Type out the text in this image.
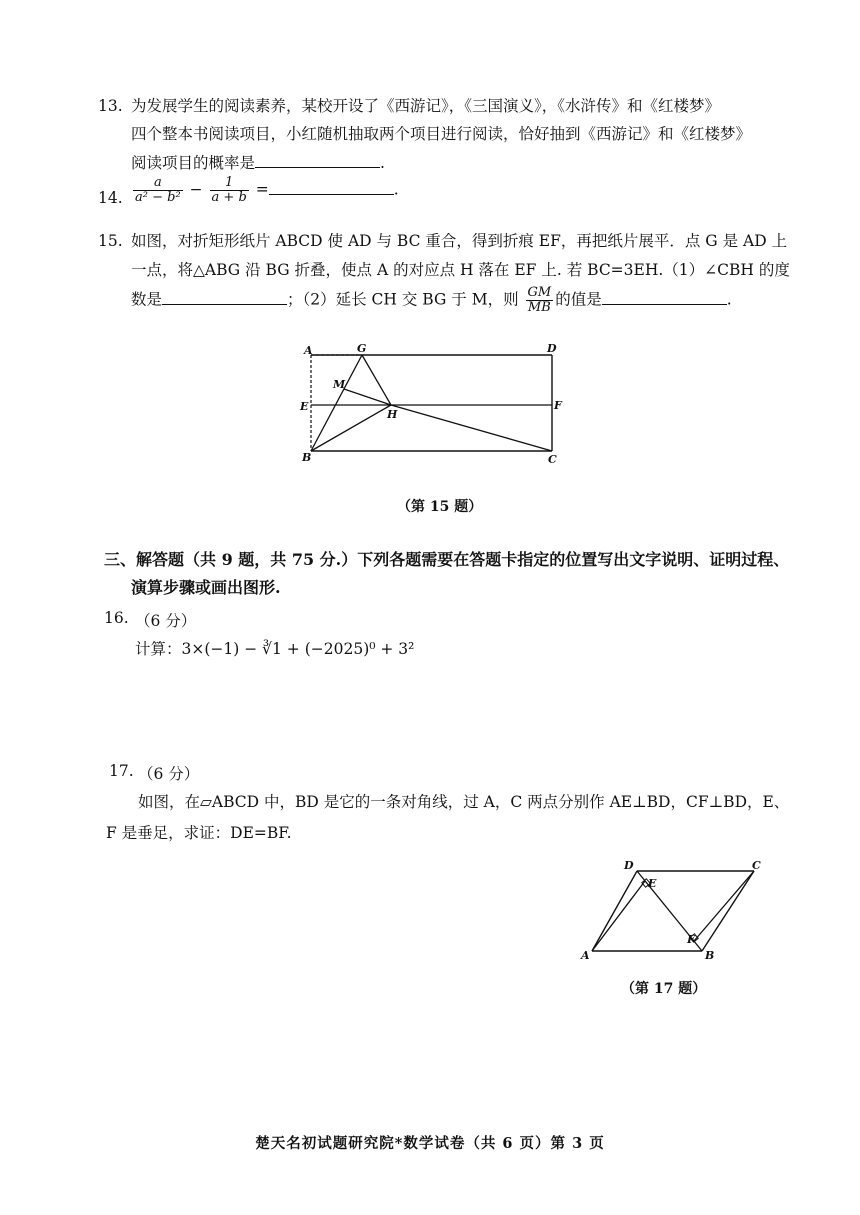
13. 为发展学生的阅读素养，某校开设了《西游记》，《三国演义》，《水浒传》和《红楼梦》
四个整本书阅读项目，小红随机抽取两个项目进行阅读，恰好抽到《西游记》和《红楼梦》
阅读项目的概率是	.
14. $\frac{a}{\text{a² − b²}} - \frac{1}{a + b}$ =	.
15. 如图，对折矩形纸片 ABCD 使 AD 与 BC 重合，得到折痕 EF，再把纸片展平．点 G 是 AD 上
一点，将△ABG 沿 BG 折叠，使点 A 的对应点 H 落在 EF 上. 若 BC=3EH.（1）∠CBH 的度
数是	；（2）延长 CH 交 BG 于 M，则 $\frac{GM}{MB}$ 的值是	.
A	G	D
M
E
H
F
B	C
（第 15 题）
三、解答题（共 9 题，共 75 分.）下列各题需要在答题卡指定的位置写出文字说明、证明过程、
演算步骤或画出图形.
16. （6 分）
计算：3×(−1) − ∛1 + (−2025)⁰ + 3²
17. （6 分）
如图，在▱ABCD 中，BD 是它的一条对角线，过 A，C 两点分别作 AE⊥BD，CF⊥BD，E、
F 是垂足，求证：DE=BF.
D	C
E
F
A	B
（第 17 题）
楚天名初试题研究院*数学试卷（共 6 页）第 3 页
